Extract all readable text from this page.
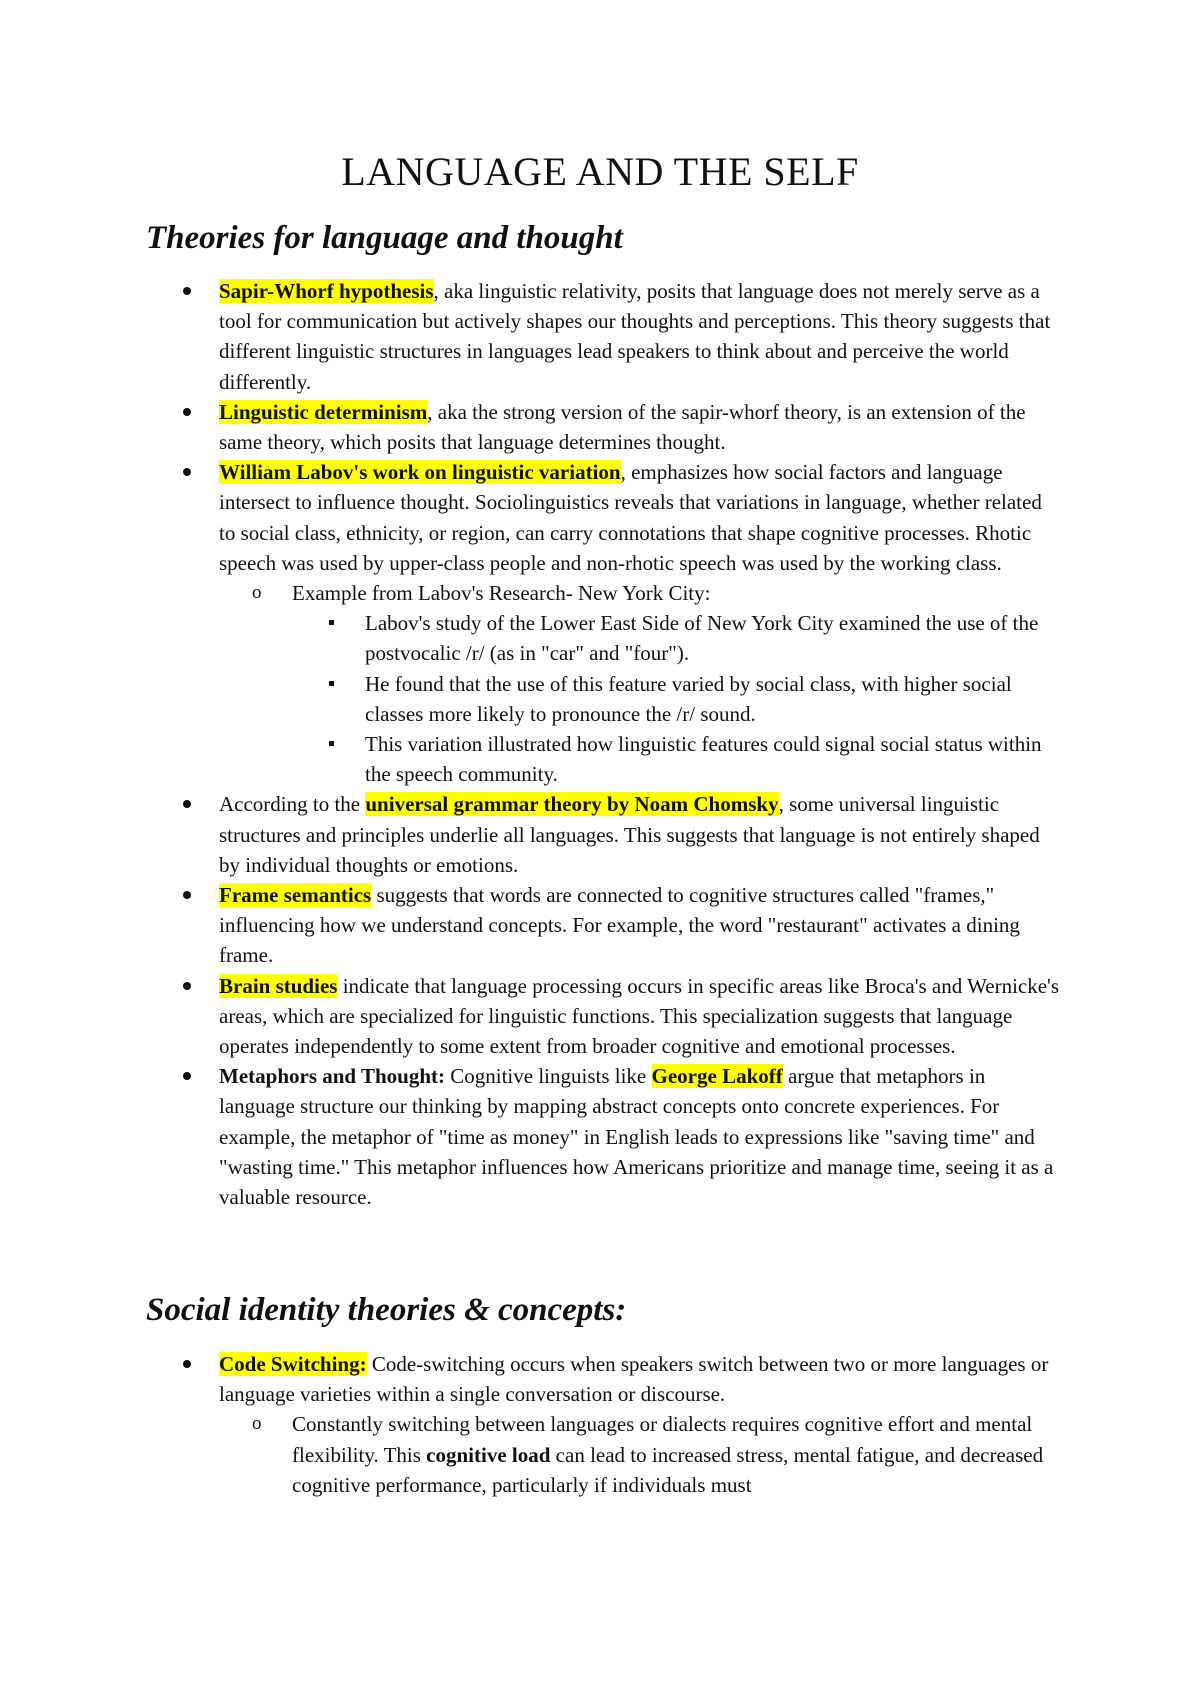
LANGUAGE AND THE SELF
Theories for language and thought
Sapir-Whorf hypothesis, aka linguistic relativity, posits that language does not merely serve as a tool for communication but actively shapes our thoughts and perceptions. This theory suggests that different linguistic structures in languages lead speakers to think about and perceive the world differently.
Linguistic determinism, aka the strong version of the sapir-whorf theory, is an extension of the same theory, which posits that language determines thought.
William Labov's work on linguistic variation, emphasizes how social factors and language intersect to influence thought. Sociolinguistics reveals that variations in language, whether related to social class, ethnicity, or region, can carry connotations that shape cognitive processes. Rhotic speech was used by upper-class people and non-rhotic speech was used by the working class.
o Example from Labov's Research- New York City:
Labov's study of the Lower East Side of New York City examined the use of the postvocalic /r/ (as in "car" and "four").
He found that the use of this feature varied by social class, with higher social classes more likely to pronounce the /r/ sound.
This variation illustrated how linguistic features could signal social status within the speech community.
According to the universal grammar theory by Noam Chomsky, some universal linguistic structures and principles underlie all languages. This suggests that language is not entirely shaped by individual thoughts or emotions.
Frame semantics suggests that words are connected to cognitive structures called "frames," influencing how we understand concepts. For example, the word "restaurant" activates a dining frame.
Brain studies indicate that language processing occurs in specific areas like Broca's and Wernicke's areas, which are specialized for linguistic functions. This specialization suggests that language operates independently to some extent from broader cognitive and emotional processes.
Metaphors and Thought: Cognitive linguists like George Lakoff argue that metaphors in language structure our thinking by mapping abstract concepts onto concrete experiences. For example, the metaphor of "time as money" in English leads to expressions like "saving time" and "wasting time." This metaphor influences how Americans prioritize and manage time, seeing it as a valuable resource.
Social identity theories & concepts:
Code Switching: Code-switching occurs when speakers switch between two or more languages or language varieties within a single conversation or discourse.
o Constantly switching between languages or dialects requires cognitive effort and mental flexibility. This cognitive load can lead to increased stress, mental fatigue, and decreased cognitive performance, particularly if individuals must
